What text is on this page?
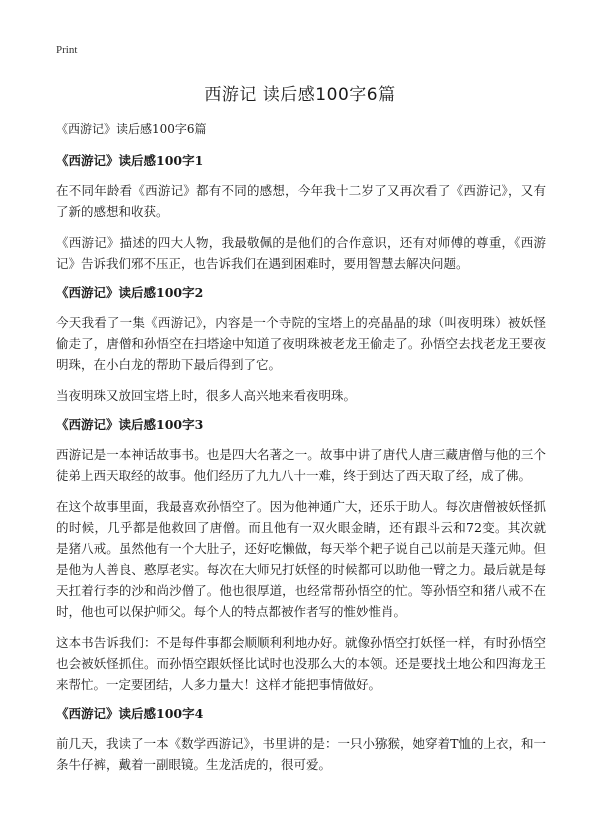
Print
西游记 读后感100字6篇
《西游记》读后感100字6篇
《西游记》读后感100字1

在不同年龄看《西游记》都有不同的感想，今年我十二岁了又再次看了《西游记》，又有了新的感想和收获。

《西游记》描述的四大人物，我最敬佩的是他们的合作意识，还有对师傅的尊重，《西游记》告诉我们邪不压正，也告诉我们在遇到困难时，要用智慧去解决问题。

《西游记》读后感100字2

今天我看了一集《西游记》，内容是一个寺院的宝塔上的亮晶晶的球（叫夜明珠）被妖怪偷走了，唐僧和孙悟空在扫塔途中知道了夜明珠被老龙王偷走了。孙悟空去找老龙王要夜明珠，在小白龙的帮助下最后得到了它。

当夜明珠又放回宝塔上时，很多人高兴地来看夜明珠。

《西游记》读后感100字3

西游记是一本神话故事书。也是四大名著之一。故事中讲了唐代人唐三藏唐僧与他的三个徒弟上西天取经的故事。他们经历了九九八十一难，终于到达了西天取了经，成了佛。

在这个故事里面，我最喜欢孙悟空了。因为他神通广大，还乐于助人。每次唐僧被妖怪抓的时候，几乎都是他救回了唐僧。而且他有一双火眼金睛，还有跟斗云和72变。其次就是猪八戒。虽然他有一个大肚子，还好吃懒做，每天举个耙子说自己以前是天蓬元帅。但是他为人善良、憨厚老实。每次在大师兄打妖怪的时候都可以助他一臂之力。最后就是每天扛着行李的沙和尚沙僧了。他也很厚道，也经常帮孙悟空的忙。等孙悟空和猪八戒不在时，他也可以保护师父。每个人的特点都被作者写的惟妙惟肖。

这本书告诉我们：不是每件事都会顺顺利利地办好。就像孙悟空打妖怪一样，有时孙悟空也会被妖怪抓住。而孙悟空跟妖怪比试时也没那么大的本领。还是要找土地公和四海龙王来帮忙。一定要团结，人多力量大！这样才能把事情做好。

《西游记》读后感100字4

前几天，我读了一本《数学西游记》，书里讲的是：一只小猕猴，她穿着T恤的上衣，和一条牛仔裤，戴着一副眼镜。生龙活虎的，很可爱。
